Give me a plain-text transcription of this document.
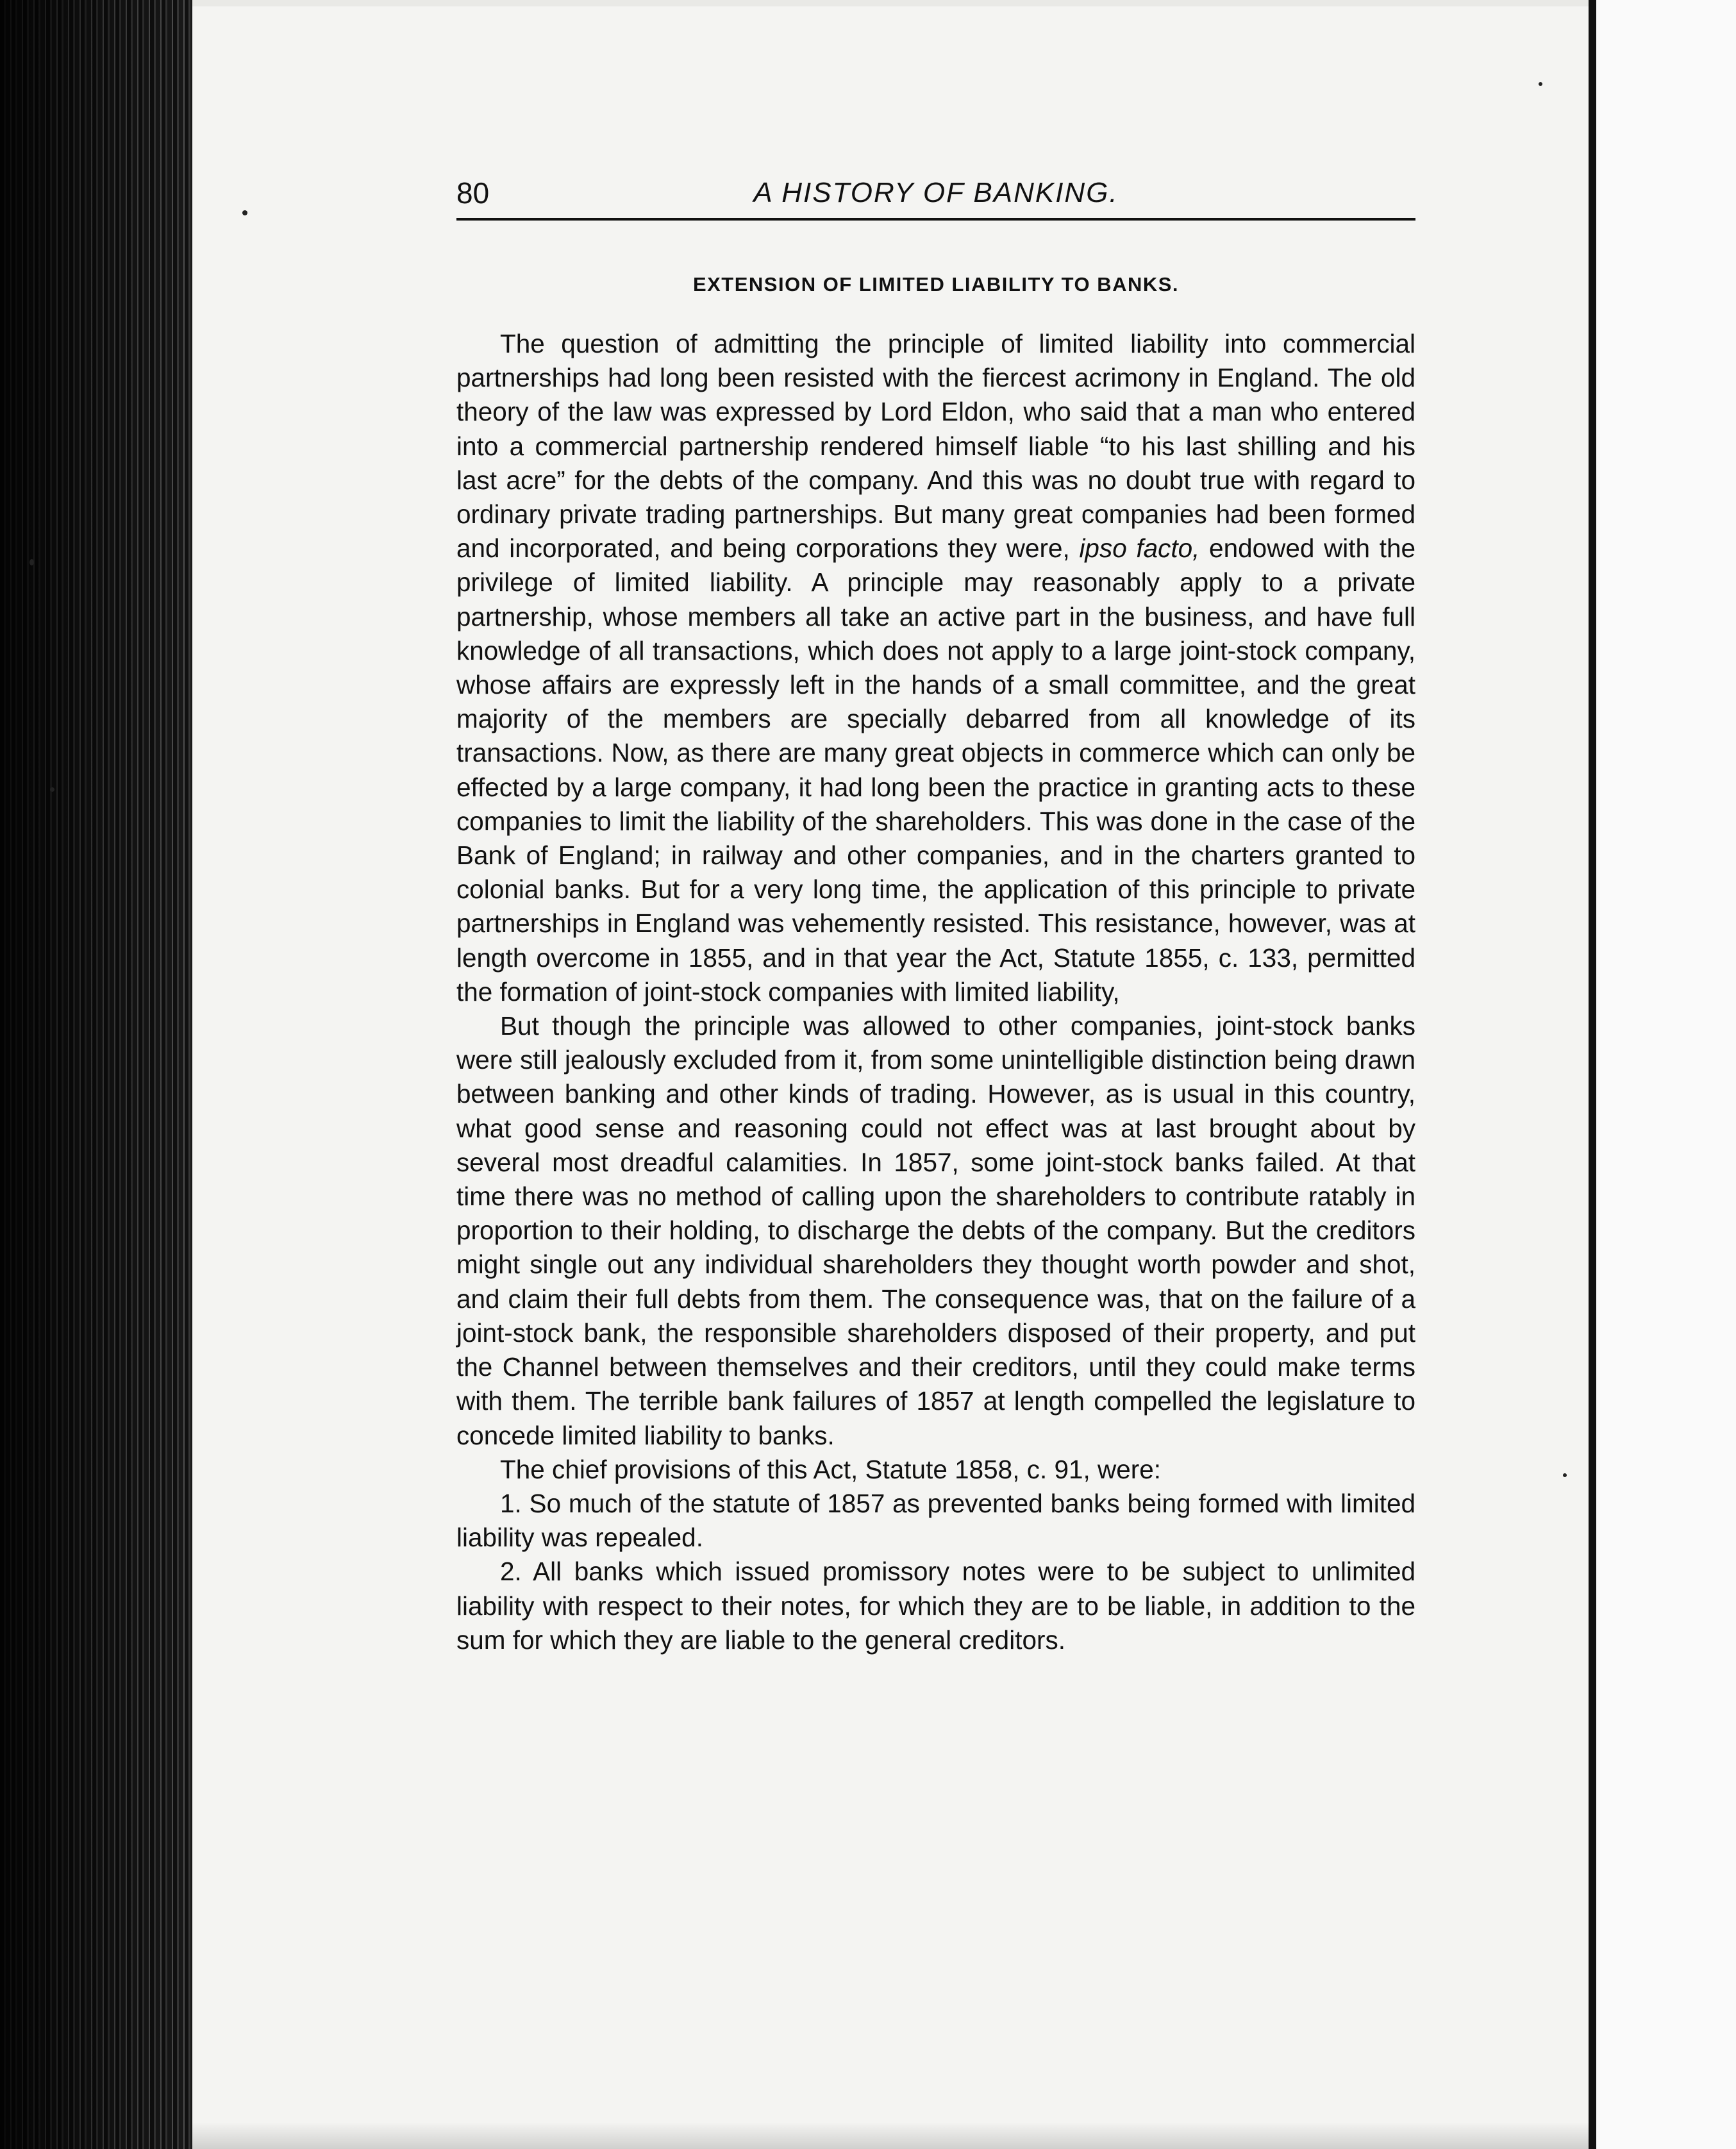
80	A HISTORY OF BANKING.
EXTENSION OF LIMITED LIABILITY TO BANKS.

The question of admitting the principle of limited liability into commercial partnerships had long been resisted with the fiercest acrimony in England. The old theory of the law was expressed by Lord Eldon, who said that a man who entered into a commercial partnership rendered himself liable “to his last shilling and his last acre” for the debts of the company. And this was no doubt true with regard to ordinary private trading partnerships. But many great companies had been formed and incorporated, and being corporations they were, ipso facto, endowed with the privilege of limited liability. A principle may reasonably apply to a private partnership, whose members all take an active part in the business, and have full knowledge of all transactions, which does not apply to a large joint-stock company, whose affairs are expressly left in the hands of a small committee, and the great majority of the members are specially debarred from all knowledge of its transactions. Now, as there are many great objects in commerce which can only be effected by a large company, it had long been the practice in granting acts to these companies to limit the liability of the shareholders. This was done in the case of the Bank of England; in railway and other companies, and in the charters granted to colonial banks. But for a very long time, the application of this principle to private partnerships in England was vehemently resisted. This resistance, however, was at length overcome in 1855, and in that year the Act, Statute 1855, c. 133, permitted the formation of joint-stock companies with limited liability,

But though the principle was allowed to other companies, joint-stock banks were still jealously excluded from it, from some unintelligible distinction being drawn between banking and other kinds of trading. However, as is usual in this country, what good sense and reasoning could not effect was at last brought about by several most dreadful calamities. In 1857, some joint-stock banks failed. At that time there was no method of calling upon the shareholders to contribute ratably in proportion to their holding, to discharge the debts of the company. But the creditors might single out any individual shareholders they thought worth powder and shot, and claim their full debts from them. The consequence was, that on the failure of a joint-stock bank, the responsible shareholders disposed of their property, and put the Channel between themselves and their creditors, until they could make terms with them. The terrible bank failures of 1857 at length compelled the legislature to concede limited liability to banks.

The chief provisions of this Act, Statute 1858, c. 91, were:

1. So much of the statute of 1857 as prevented banks being formed with limited liability was repealed.

2. All banks which issued promissory notes were to be subject to unlimited liability with respect to their notes, for which they are to be liable, in addition to the sum for which they are liable to the general creditors.
